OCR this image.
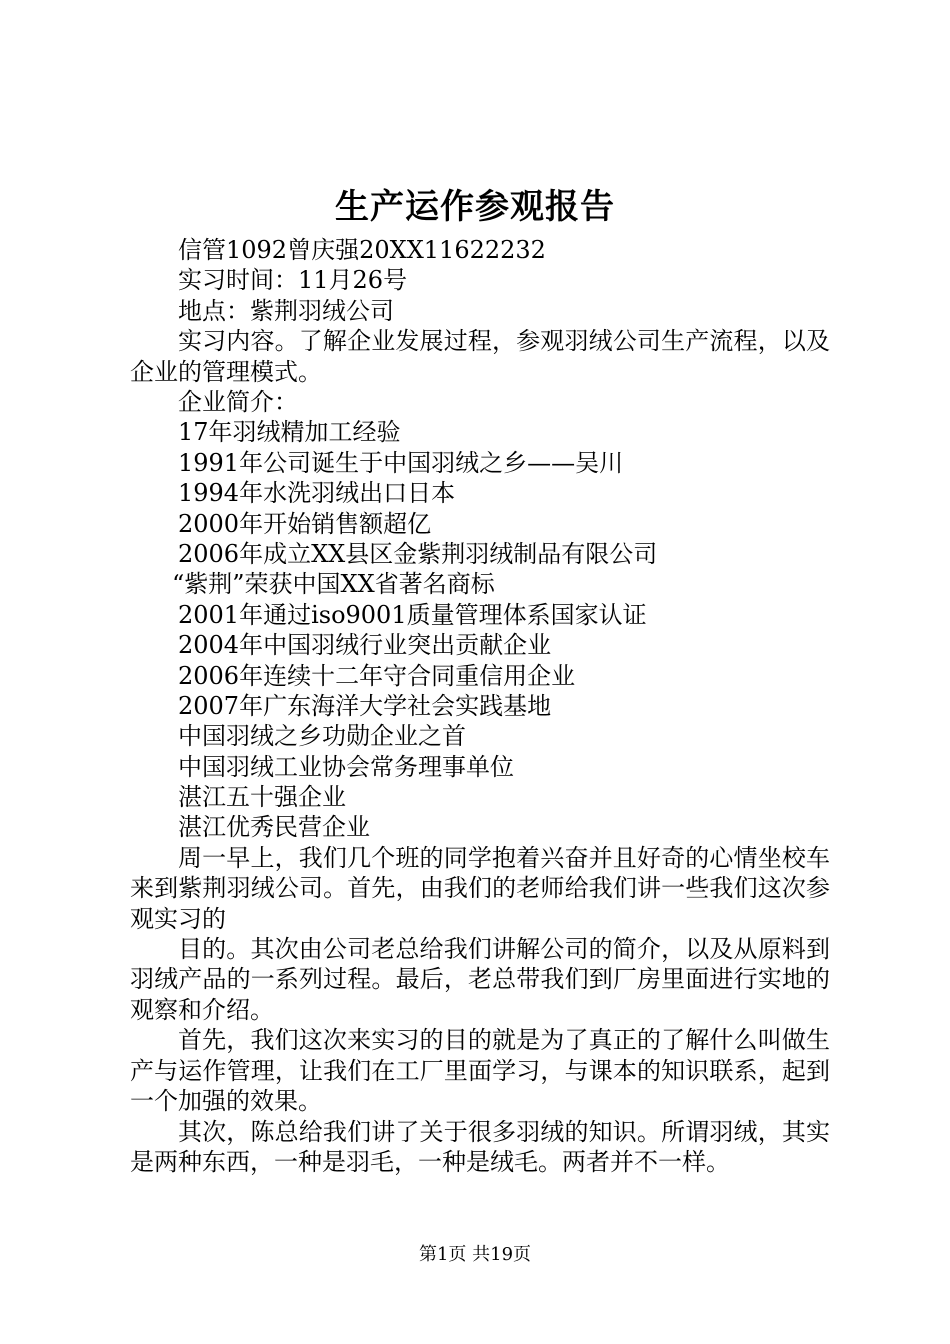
生产运作参观报告
信管1092曾庆强20XX11622232
实习时间：11月26号
地点：紫荆羽绒公司
实习内容。了解企业发展过程，参观羽绒公司生产流程，以及企业的管理模式。
企业简介：
17年羽绒精加工经验
1991年公司诞生于中国羽绒之乡——吴川
1994年水洗羽绒出口日本
2000年开始销售额超亿
2006年成立XX县区金紫荆羽绒制品有限公司
“紫荆”荣获中国XX省著名商标
2001年通过iso9001质量管理体系国家认证
2004年中国羽绒行业突出贡献企业
2006年连续十二年守合同重信用企业
2007年广东海洋大学社会实践基地
中国羽绒之乡功勋企业之首
中国羽绒工业协会常务理事单位
湛江五十强企业
湛江优秀民营企业
周一早上，我们几个班的同学抱着兴奋并且好奇的心情坐校车来到紫荆羽绒公司。首先，由我们的老师给我们讲一些我们这次参观实习的
目的。其次由公司老总给我们讲解公司的简介，以及从原料到羽绒产品的一系列过程。最后，老总带我们到厂房里面进行实地的观察和介绍。
首先，我们这次来实习的目的就是为了真正的了解什么叫做生产与运作管理，让我们在工厂里面学习，与课本的知识联系，起到一个加强的效果。
其次，陈总给我们讲了关于很多羽绒的知识。所谓羽绒，其实是两种东西，一种是羽毛，一种是绒毛。两者并不一样。
第1页 共19页
